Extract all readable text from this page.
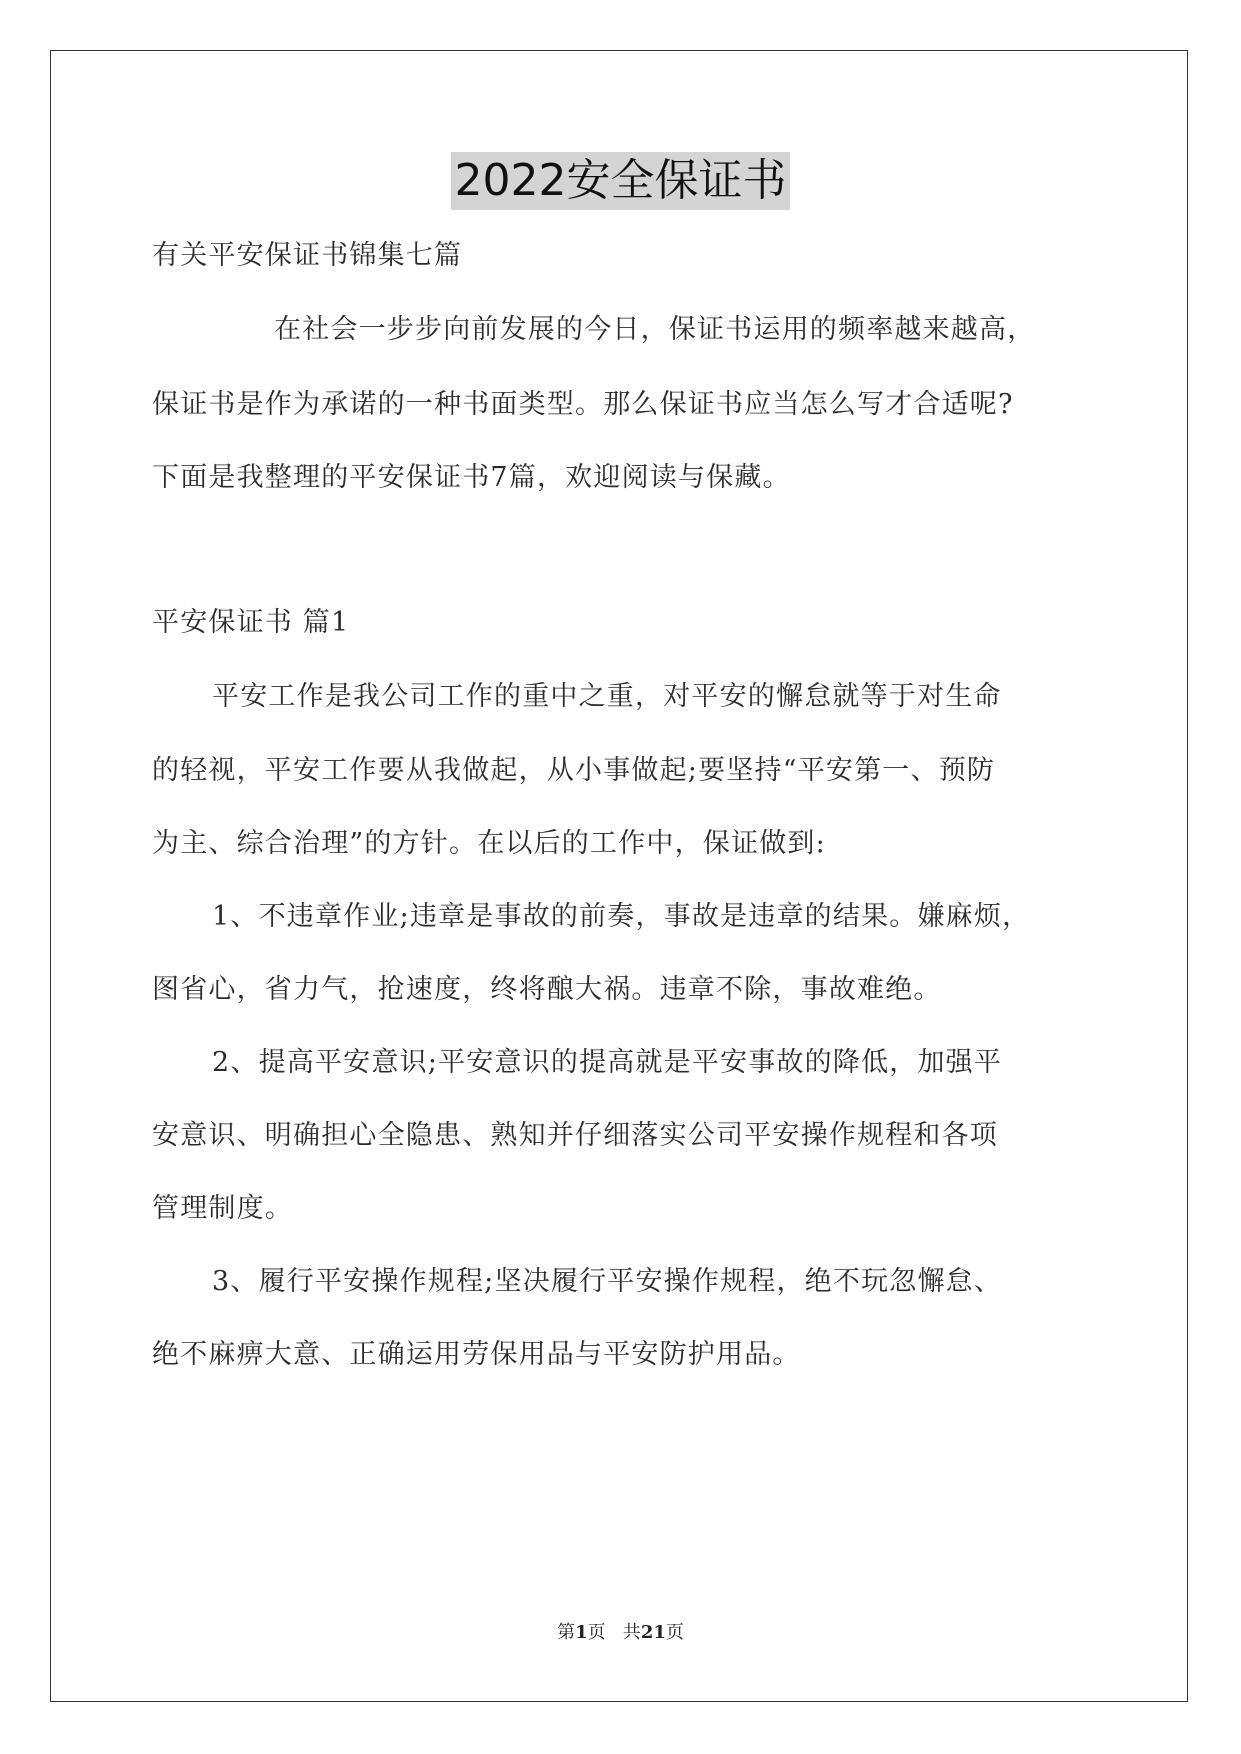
2022安全保证书
有关平安保证书锦集七篇
在社会一步步向前发展的今日，保证书运用的频率越来越高，
保证书是作为承诺的一种书面类型。那么保证书应当怎么写才合适呢?
下面是我整理的平安保证书7篇，欢迎阅读与保藏。
平安保证书 篇1
平安工作是我公司工作的重中之重，对平安的懈怠就等于对生命
的轻视，平安工作要从我做起，从小事做起;要坚持“平安第一、预防
为主、综合治理”的方针。在以后的工作中，保证做到:
1、不违章作业;违章是事故的前奏，事故是违章的结果。嫌麻烦，
图省心，省力气，抢速度，终将酿大祸。违章不除，事故难绝。
2、提高平安意识;平安意识的提高就是平安事故的降低，加强平
安意识、明确担心全隐患、熟知并仔细落实公司平安操作规程和各项
管理制度。
3、履行平安操作规程;坚决履行平安操作规程，绝不玩忽懈怠、
绝不麻痹大意、正确运用劳保用品与平安防护用品。
第1页   共21页
